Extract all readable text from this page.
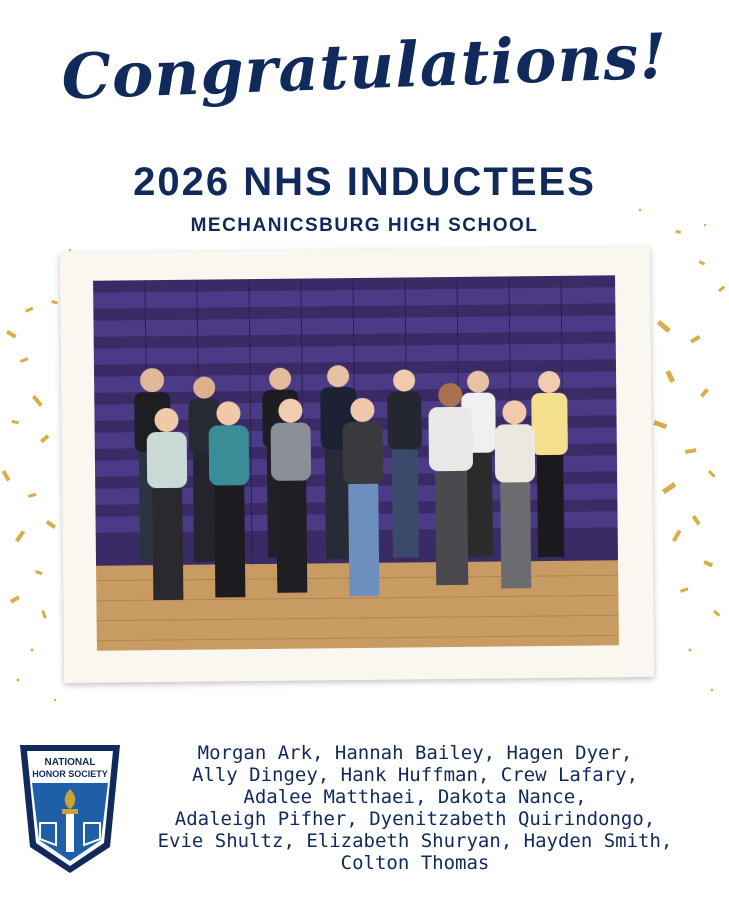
Congratulations!
2026 NHS INDUCTEES
MECHANICSBURG HIGH SCHOOL
NATIONAL
HONOR SOCIETY
Morgan Ark, Hannah Bailey, Hagen Dyer,
Ally Dingey, Hank Huffman, Crew Lafary,
Adalee Matthaei, Dakota Nance,
Adaleigh Pifher, Dyenitzabeth Quirindongo,
Evie Shultz, Elizabeth Shuryan, Hayden Smith,
Colton Thomas
